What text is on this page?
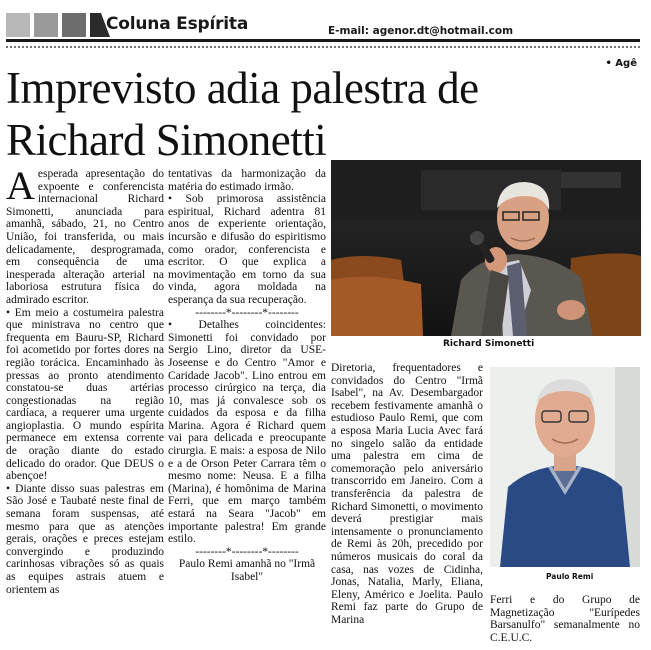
Coluna Espírita	E-mail: agenor.dt@hotmail.com
• Agê
Imprevisto adia palestra de Richard Simonetti

Aesperada apresentação do expoente e conferencista internacional Richard Simonetti, anunciada para amanhã, sábado, 21, no Centro União, foi transferida, ou mais delicadamente, desprogramada, em consequência de uma inesperada alteração arterial na laboriosa estrutura física do admirado escritor.

• Em meio a costumeira palestra que ministrava no centro que frequenta em Bauru-SP, Richard foi acometido por fortes dores na região torácica. Encaminhado às pressas ao pronto atendimento constatou-se duas artérias congestionadas na região cardíaca, a requerer uma urgente angioplastia. O mundo espírita permanece em extensa corrente de oração diante do estado delicado do orador. Que DEUS o abençoe!

• Diante disso suas palestras em São José e Taubaté neste final de semana foram suspensas, até mesmo para que as atenções gerais, orações e preces estejam convergindo e produzindo carinhosas vibrações só as quais as equipes astrais atuem e orientem as

tentativas da harmonização da matéria do estimado irmão.

• Sob primorosa assistência espiritual, Richard adentra 81 anos de experiente orientação, incursão e difusão do espiritismo como orador, conferencista e escritor. O que explica a movimentação em torno da sua vinda, agora moldada na esperança da sua recuperação.

--------*--------*--------

• Detalhes coincidentes: Simonetti foi convidado por Sergio Lino, diretor da USE-Joseense e do Centro "Amor e Caridade Jacob". Lino entrou em processo cirúrgico na terça, dia 10, mas já convalesce sob os cuidados da esposa e da filha Marina. Agora é Richard quem vai para delicada e preocupante cirurgia. E mais: a esposa de Nilo e a de Orson Peter Carrara têm o mesmo nome: Neusa. E a filha (Marina), é homônima de Marina Ferri, que em março também estará na Seara "Jacob" em importante palestra! Em grande estilo.

--------*--------*--------

Paulo Remi amanhã no "Irmã Isabel"

Richard Simonetti

Diretoria, frequentadores e convidados do Centro "Irmã Isabel", na Av. Desembargador recebem festivamente amanhã o estudioso Paulo Remi, que com a esposa Maria Lucia Avec fará no singelo salão da entidade uma palestra em cima de comemoração pelo aniversário transcorrido em Janeiro. Com a transferência da palestra de Richard Simonetti, o movimento deverá prestigiar mais intensamente o pronunciamento de Remi às 20h, precedido por números musicais do coral da casa, nas vozes de Cidinha, Jonas, Natalia, Marly, Eliana, Eleny, Américo e Joelita. Paulo Remi faz parte do Grupo de Marina

Paulo Remi

Ferri e do Grupo de Magnetização "Eurípedes Barsanulfo" semanalmente no C.E.U.C.
